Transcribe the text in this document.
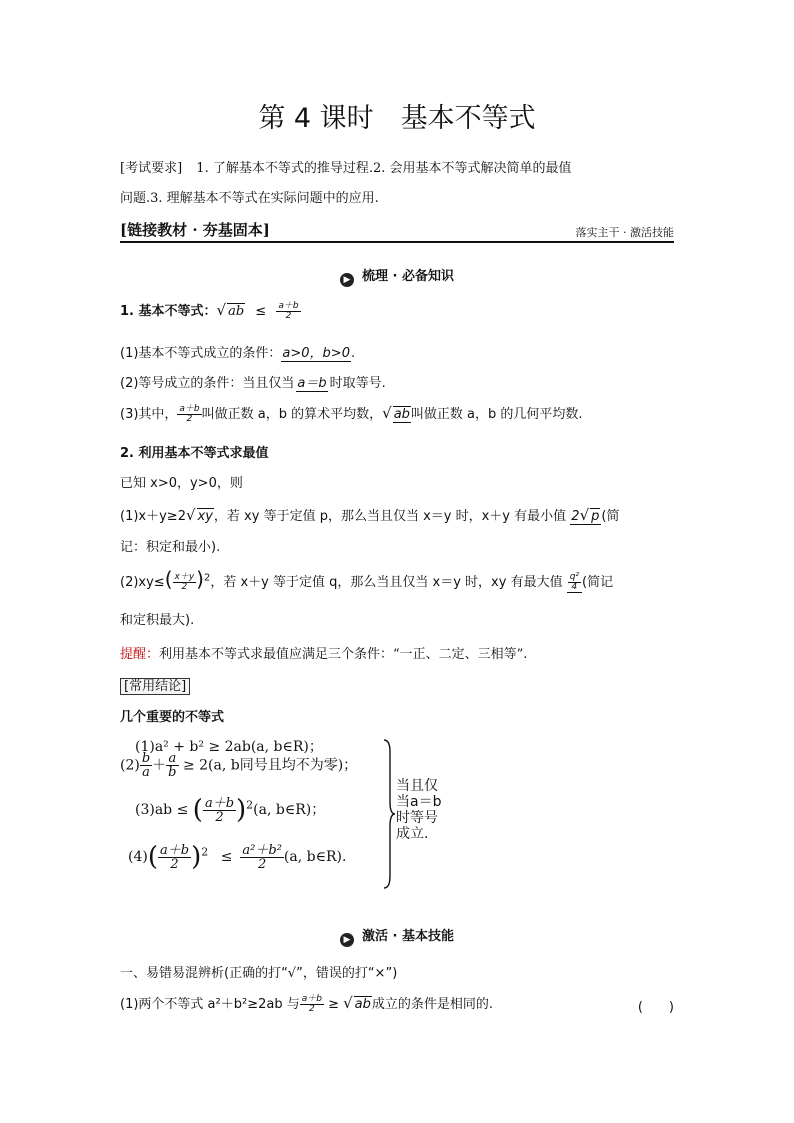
第 4 课时　基本不等式
[考试要求] 1. 了解基本不等式的推导过程.2. 会用基本不等式解决简单的最值
问题.3. 理解基本不等式在实际问题中的应用.
[链接教材 · 夯基固本]	落实主干 · 激活技能
▶ 梳理 · 必备知识
1. 基本不等式：√ ab ≤ $\frac{a+b}{2}$
(1)基本不等式成立的条件：a>0，b>0.
(2)等号成立的条件：当且仅当 a＝b 时取等号.
(3)其中， $\frac{a+b}{2}$ 叫做正数 a，b 的算术平均数，√ ab叫做正数 a，b 的几何平均数.
2. 利用基本不等式求最值
已知 x>0，y>0，则
(1)x＋y≥2√ xy，若 xy 等于定值 p，那么当且仅当 x＝y 时，x＋y 有最小值 2√ p (简
记：积定和最小).
$(2)xy\le( \frac{x+y}{2} )^2$，若 x＋y 等于定值 q，那么当且仅当 x＝y 时，xy 有最大值 $\frac{\text{q²}}{4}$ (简记
和定积最大).
提醒：利用基本不等式求最值应满足三个条件：“一正、二定、三相等”.
[常用结论]
几个重要的不等式
(1)a² + b² ≥ 2ab(a, b∈R)；
$(2) \frac{b}{a} + \frac{a}{b} \ge 2(a$, b同号且均不为零)；
(3)ab ≤ ( $\frac{a+b}{2} )^2(a$, b∈R)；
$(4)( \frac{a+b}{2} )^2 \le \frac{\text{a²＋b²}}{2} (a$, b∈R).
当且仅
当a＝b
时等号
成立.
▶ 激活 · 基本技能
一、易错易混辨析(正确的打“√”，错误的打“×”)
(1)两个不等式 a²＋b²≥2ab 与 $\frac{a+b}{2}$ ≥ √ ab成立的条件是相同的.	(　　)
